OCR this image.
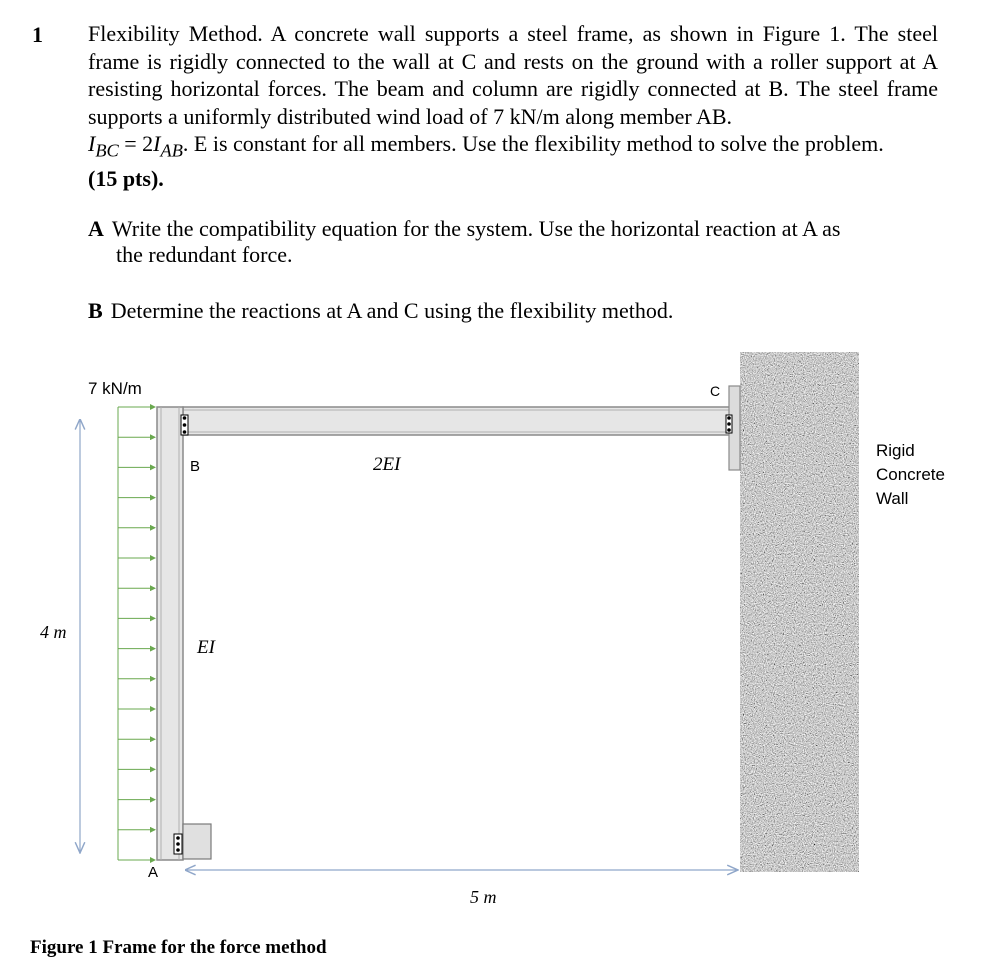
1 Flexibility Method. A concrete wall supports a steel frame, as shown in Figure 1. The steel frame is rigidly connected to the wall at C and rests on the ground with a roller support at A resisting horizontal forces. The beam and column are rigidly connected at B. The steel frame supports a uniformly distributed wind load of 7 kN/m along member AB.
$I_{BC} = 2I_{AB}$. E is constant for all members. Use the flexibility method to solve the problem.
(15 pts).
A Write the compatibility equation for the system. Use the horizontal reaction at A as
the redundant force.
B Determine the reactions at A and C using the flexibility method.
7 kN/m	C
B
A
2EI
EI
4 m
5 m
Rigid
Concrete
Wall
Figure 1 Frame for the force method
